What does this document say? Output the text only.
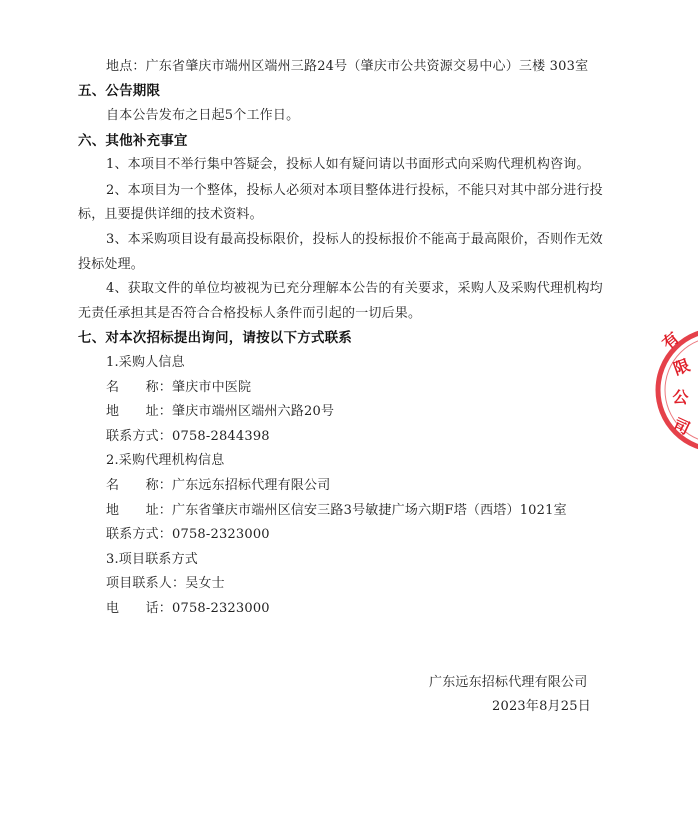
地点：广东省肇庆市端州区端州三路24号（肇庆市公共资源交易中心）三楼 303室
五、公告期限
自本公告发布之日起5个工作日。
六、其他补充事宜
1、本项目不举行集中答疑会，投标人如有疑问请以书面形式向采购代理机构咨询。
2、本项目为一个整体，投标人必须对本项目整体进行投标，不能只对其中部分进行投
标，且要提供详细的技术资料。
3、本采购项目设有最高投标限价，投标人的投标报价不能高于最高限价，否则作无效
投标处理。
4、获取文件的单位均被视为已充分理解本公告的有关要求，采购人及采购代理机构均
无责任承担其是否符合合格投标人条件而引起的一切后果。
七、对本次招标提出询问，请按以下方式联系
1.采购人信息
名　　称：肇庆市中医院
地　　址：肇庆市端州区端州六路20号
联系方式：0758-2844398
2.采购代理机构信息
名　　称：广东远东招标代理有限公司
地　　址：广东省肇庆市端州区信安三路3号敏捷广场六期F塔（西塔）1021室
联系方式：0758-2323000
3.项目联系方式
项目联系人：吴女士
电　　话：0758-2323000
广东远东招标代理有限公司
2023年8月25日
有
限
公
司
